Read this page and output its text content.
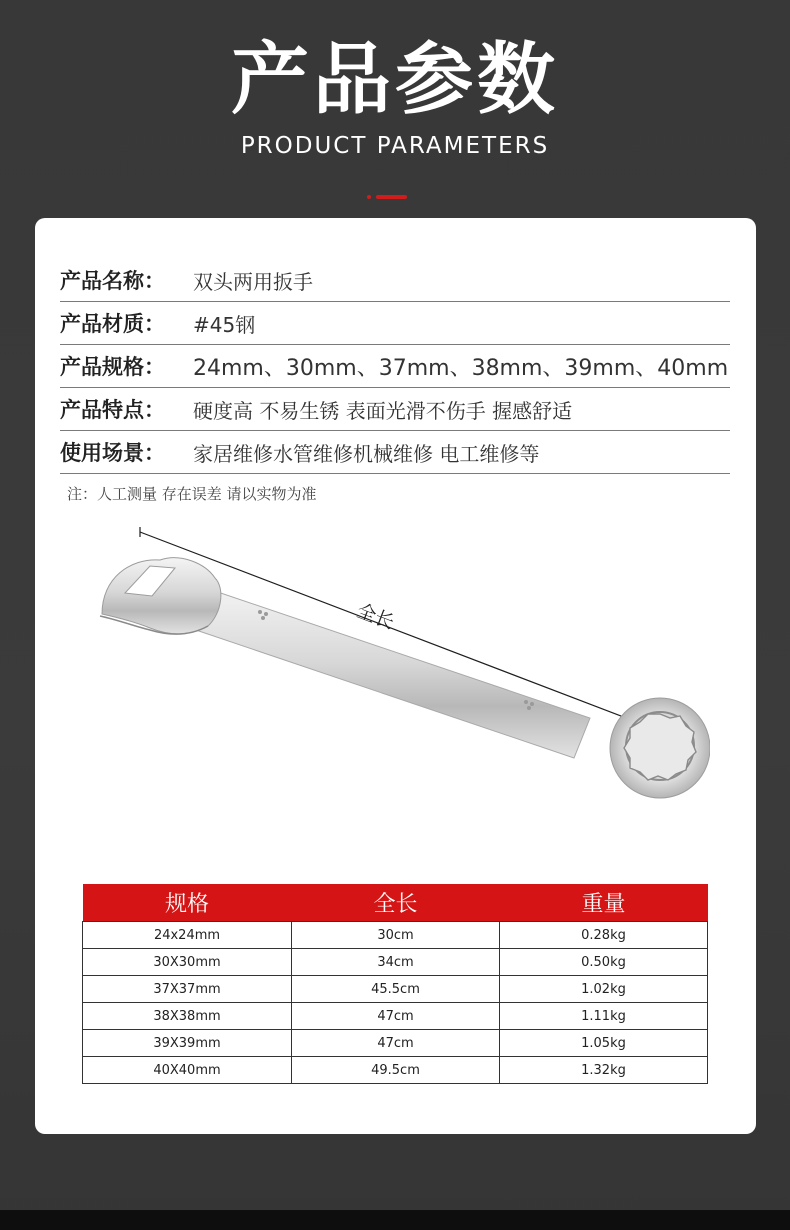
产品参数
PRODUCT PARAMETERS
产品名称：	双头两用扳手
产品材质：	#45钢
产品规格：	24mm、30mm、37mm、38mm、39mm、40mm
产品特点：	硬度高 不易生锈 表面光滑不伤手 握感舒适
使用场景：	家居维修水管维修机械维修 电工维修等
注：人工测量 存在误差 请以实物为准
全长
规格	全长	重量
24x24mm	30cm	0.28kg
30X30mm	34cm	0.50kg
37X37mm	45.5cm	1.02kg
38X38mm	47cm	1.11kg
39X39mm	47cm	1.05kg
40X40mm	49.5cm	1.32kg
